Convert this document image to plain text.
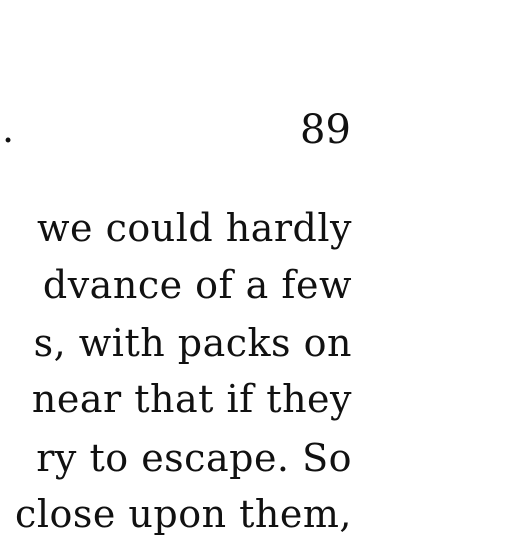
.	89
we could hardly
dvance of a few
s, with packs on
near that if they
ry to escape. So
close upon them,
